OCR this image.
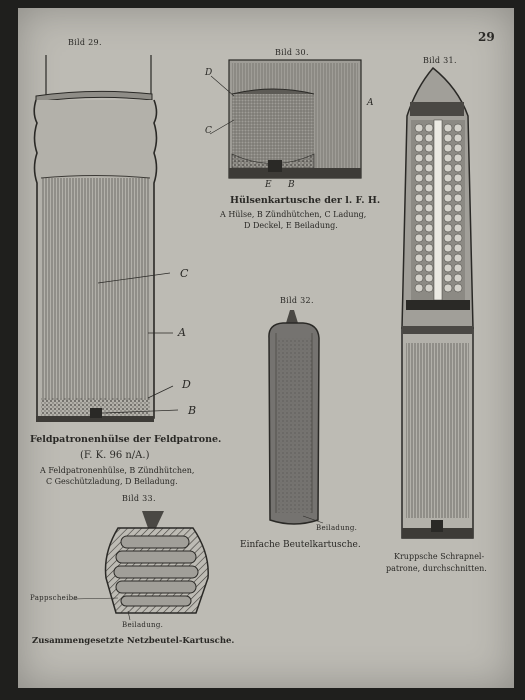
29
Bild 29.
C
A
D
B
Feldpatronenhülse der Feldpatrone.
(F. K. 96 n/A.)
A Feldpatronenhülse, B Zündhütchen,
C Geschützladung, D Beiladung.
Bild 30.
D
C
A
E B
Hülsenkartusche der l. F. H.
A Hülse, B Zündhütchen, C Ladung,
D Deckel, E Beiladung.
Bild 31.
Kruppsche Schrapnel-
patrone, durchschnitten.
Bild 32.
Beiladung.
Einfache Beutelkartusche.
Bild 33.
Pappscheibe
Beiladung.
Zusammengesetzte Netzbeutel-Kartusche.
